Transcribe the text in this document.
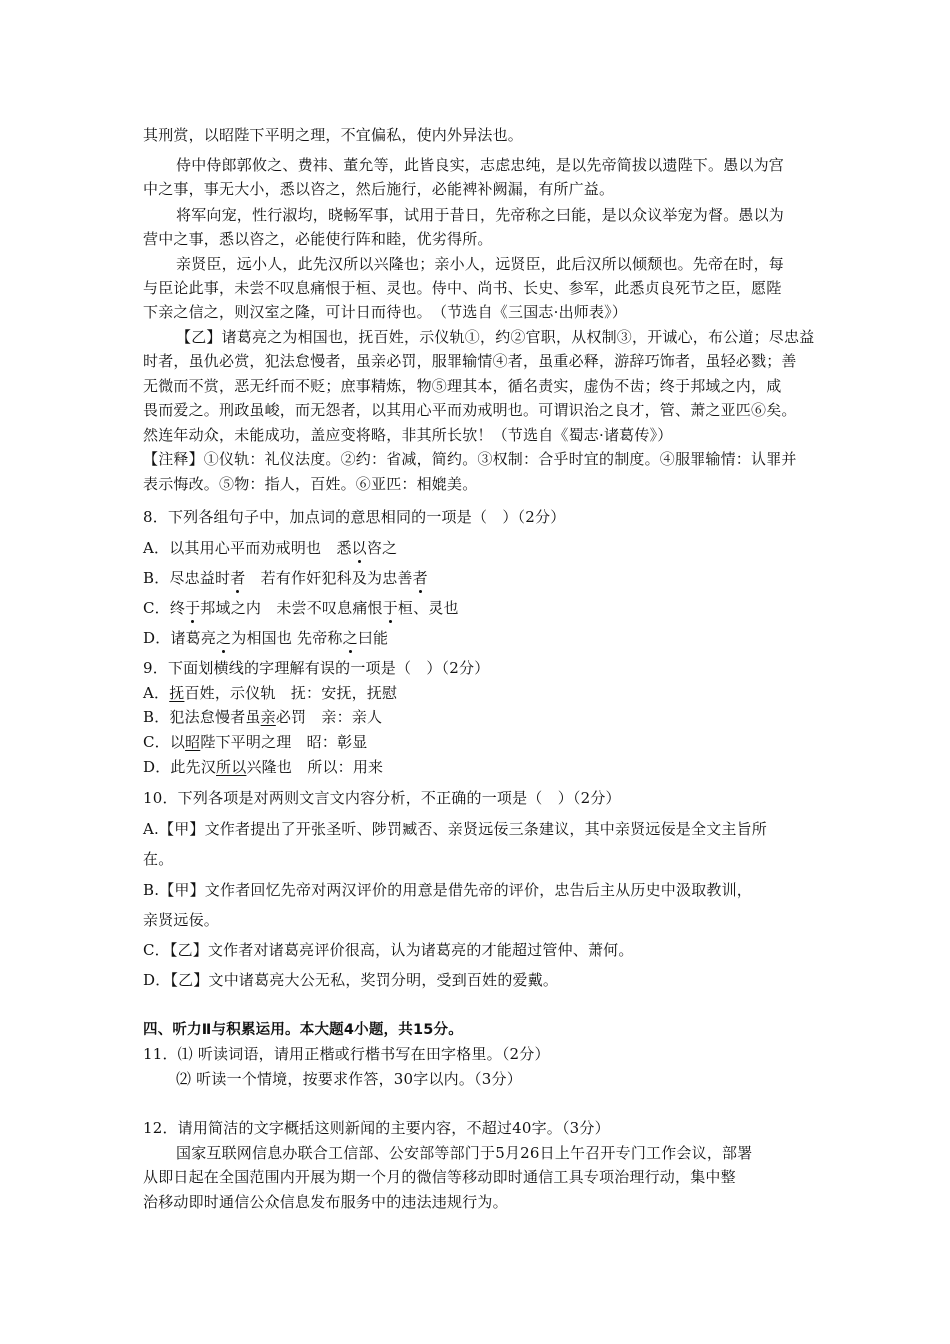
其刑赏，以昭陛下平明之理，不宜偏私，使内外异法也。
侍中侍郎郭攸之、费祎、董允等，此皆良实，志虑忠纯，是以先帝简拔以遗陛下。愚以为宫
中之事，事无大小，悉以咨之，然后施行，必能裨补阙漏，有所广益。
将军向宠，性行淑均，晓畅军事，试用于昔日，先帝称之曰能，是以众议举宠为督。愚以为
营中之事，悉以咨之，必能使行阵和睦，优劣得所。
亲贤臣，远小人，此先汉所以兴隆也；亲小人，远贤臣，此后汉所以倾颓也。先帝在时，每
与臣论此事，未尝不叹息痛恨于桓、灵也。侍中、尚书、长史、参军，此悉贞良死节之臣，愿陛
下亲之信之，则汉室之隆，可计日而待也。　（节选自《三国志·出师表》）
【乙】诸葛亮之为相国也，抚百姓，示仪轨①，约②官职，从权制③，开诚心，布公道；尽忠益
时者，虽仇必赏，犯法怠慢者，虽亲必罚，服罪输情④者，虽重必释，游辞巧饰者，虽轻必戮；善
无微而不赏，恶无纤而不贬；庶事精炼，物⑤理其本，循名责实，虚伪不齿；终于邦域之内，咸
畏而爱之。刑政虽峻，而无怨者，以其用心平而劝戒明也。可谓识治之良才，管、萧之亚匹⑥矣。
然连年动众，未能成功，盖应变将略，非其所长欤！（节选自《蜀志·诸葛传》）
【注释】①仪轨：礼仪法度。②约：省减，简约。③权制：合乎时宜的制度。④服罪输情：认罪并
表示悔改。⑤物：指人，百姓。⑥亚匹：相媲美。
8．下列各组句子中，加点词的意思相同的一项是（　）（2分）
A．以其用心平而劝戒明也　 悉以咨之
B．尽忠益时者　 若有作奸犯科及为忠善者
C．终于邦域之内　 未尝不叹息痛恨于桓、灵也
D．诸葛亮之为相国也 先帝称之曰能
9．下面划横线的字理解有误的一项是（　）（2分）
A．抚百姓，示仪轨　抚：安抚，抚慰
B．犯法怠慢者虽亲必罚　亲：亲人
C．以昭陛下平明之理　昭：彰显
D．此先汉所以兴隆也　所以：用来
10．下列各项是对两则文言文内容分析，不正确的一项是（　）（2分）
A.【甲】文作者提出了开张圣听、陟罚臧否、亲贤远佞三条建议，其中亲贤远佞是全文主旨所
在。
B.【甲】文作者回忆先帝对两汉评价的用意是借先帝的评价，忠告后主从历史中汲取教训，
亲贤远佞。
C．【乙】文作者对诸葛亮评价很高，认为诸葛亮的才能超过管仲、萧何。
D．【乙】文中诸葛亮大公无私，奖罚分明，受到百姓的爱戴。
四、听力Ⅱ与积累运用。本大题4小题，共15分。
11．⑴ 听读词语，请用正楷或行楷书写在田字格里。（2分）
⑵ 听读一个情境，按要求作答，30字以内。（3分）
12．请用简洁的文字概括这则新闻的主要内容，不超过40字。（3分）
国家互联网信息办联合工信部、公安部等部门于5月26日上午召开专门工作会议，部署
从即日起在全国范围内开展为期一个月的微信等移动即时通信工具专项治理行动，集中整
治移动即时通信公众信息发布服务中的违法违规行为。
